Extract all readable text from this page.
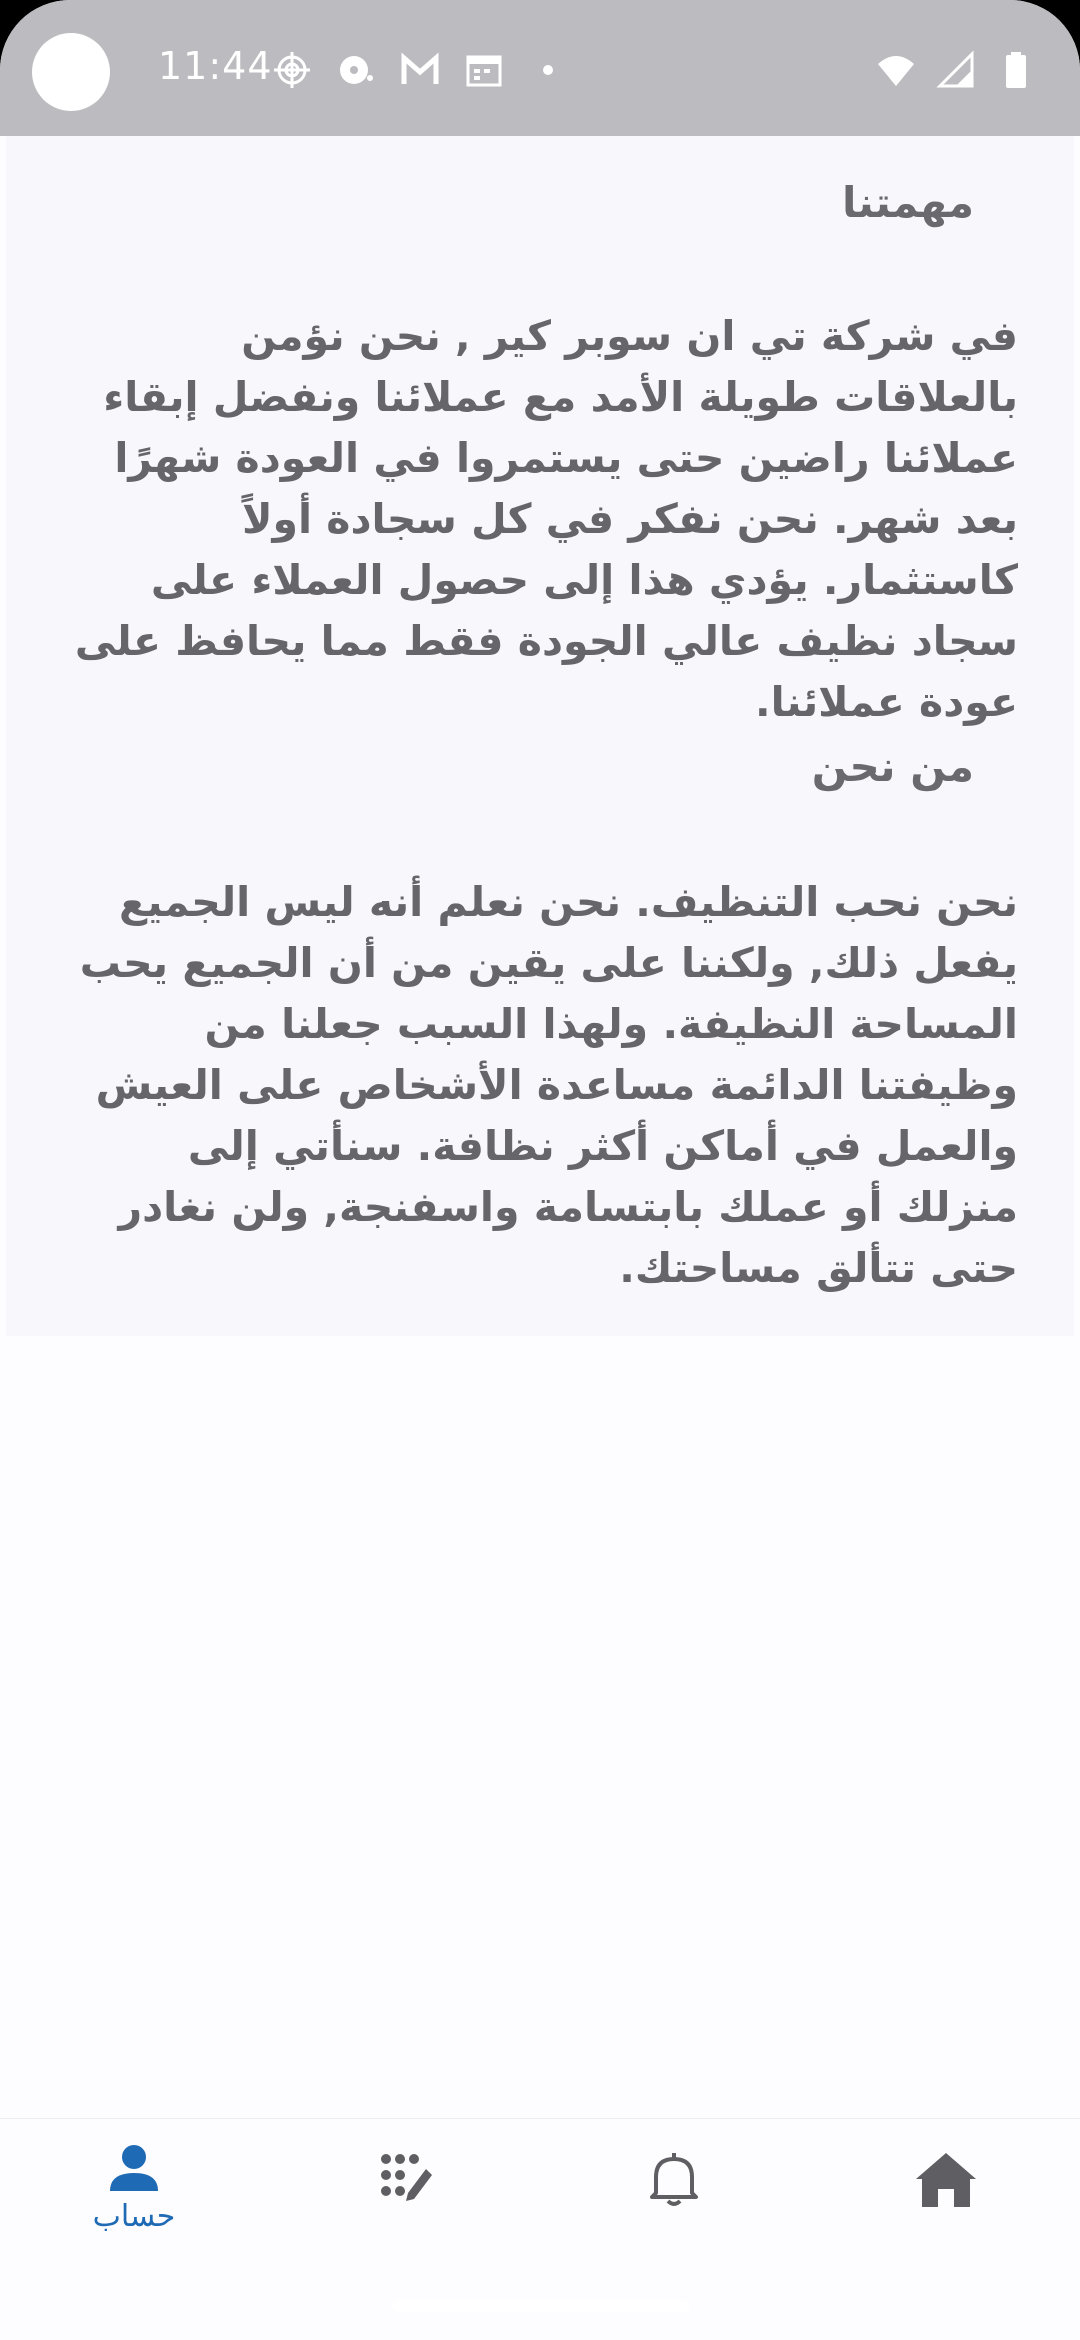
11:44
مهمتنا

في شركة تي ان سوبر كير , نحن نؤمن بالعلاقات طويلة الأمد مع عملائنا ونفضل إبقاء عملائنا راضين حتى يستمروا في العودة شهرًا بعد شهر. نحن نفكر في كل سجادة أولاً كاستثمار. يؤدي هذا إلى حصول العملاء على سجاد نظيف عالي الجودة فقط مما يحافظ على عودة عملائنا.

من نحن

نحن نحب التنظيف. نحن نعلم أنه ليس الجميع يفعل ذلك, ولكننا على يقين من أن الجميع يحب المساحة النظيفة. ولهذا السبب جعلنا من وظيفتنا الدائمة مساعدة الأشخاص على العيش والعمل في أماكن أكثر نظافة. سنأتي إلى منزلك أو عملك بابتسامة واسفنجة, ولن نغادر حتى تتألق مساحتك.

حساب
